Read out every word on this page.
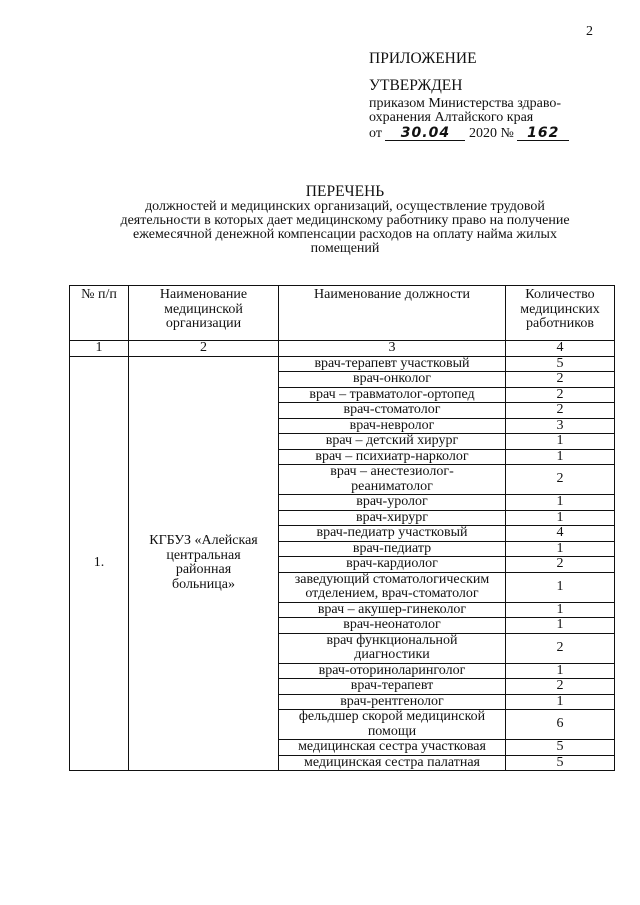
2
ПРИЛОЖЕНИЕ
УТВЕРЖДЕН
приказом Министерства здраво-
охранения Алтайского края
от 30.04 2020 № 162
ПЕРЕЧЕНЬ
должностей и медицинских организаций, осуществление трудовой
деятельности в которых дает медицинскому работнику право на получение
ежемесячной денежной компенсации расходов на оплату найма жилых
помещений
№ п/п	Наименование
медицинской
организации	Наименование должности	Количество
медицинских
работников
1	2	3	4
1.	КГБУЗ «Алейская
центральная
районная
больница»	врач-терапевт участковый	5
		врач-онколог	2
		врач – травматолог-ортопед	2
		врач-стоматолог	2
		врач-невролог	3
		врач – детский хирург	1
		врач – психиатр-нарколог	1
		врач – анестезиолог-
реаниматолог	2
		врач-уролог	1
		врач-хирург	1
		врач-педиатр участковый	4
		врач-педиатр	1
		врач-кардиолог	2
		заведующий стоматологическим
отделением, врач-стоматолог	1
		врач – акушер-гинеколог	1
		врач-неонатолог	1
		врач функциональной
диагностики	2
		врач-оториноларинголог	1
		врач-терапевт	2
		врач-рентгенолог	1
		фельдшер скорой медицинской
помощи	6
		медицинская сестра участковая	5
		медицинская сестра палатная	5
